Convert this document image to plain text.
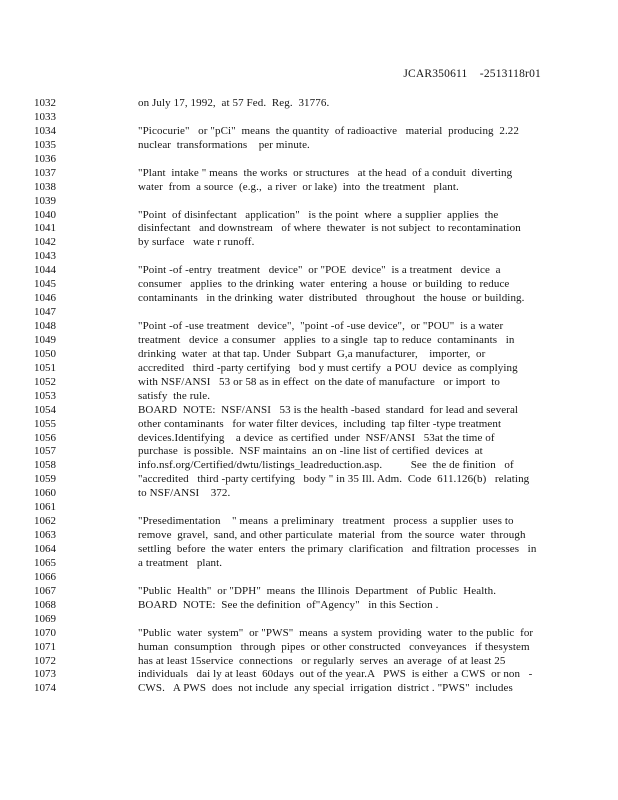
JCAR350611    -2513118r01
1032	on July 17, 1992,  at 57 Fed.  Reg.  31776.
1033
1034	"Picocurie"   or "pCi"  means  the quantity  of radioactive   material  producing  2.22
1035	nuclear  transformations    per minute.
1036
1037	"Plant  intake " means  the works  or structures   at the head  of a conduit  diverting
1038	water  from  a source  (e.g.,  a river  or lake)  into  the treatment   plant.
1039
1040	"Point  of disinfectant   application"   is the point  where  a supplier  applies  the
1041	disinfectant   and downstream   of where  thewater  is not subject  to recontamination
1042	by surface   wate r runoff.
1043
1044	"Point -of -entry  treatment   device"  or "POE  device"  is a treatment   device  a
1045	consumer   applies  to the drinking  water  entering  a house  or building  to reduce
1046	contaminants   in the drinking  water  distributed   throughout   the house  or building.
1047
1048	"Point -of -use treatment   device",  "point -of -use device",  or "POU"  is a water
1049	treatment   device  a consumer   applies  to a single  tap to reduce  contaminants   in
1050	drinking  water  at that tap. Under  Subpart  G,a manufacturer,    importer,  or
1051	accredited   third -party certifying   bod y must certify  a POU  device  as complying
1052	with NSF/ANSI   53 or 58 as in effect  on the date of manufacture   or import  to
1053	satisfy  the rule.
1054	BOARD  NOTE:  NSF/ANSI   53 is the health -based  standard  for lead and several
1055	other contaminants   for water filter devices,  including  tap filter -type treatment
1056	devices.Identifying    a device  as certified  under  NSF/ANSI   53at the time of
1057	purchase  is possible.  NSF maintains  an on -line list of certified  devices  at
1058	info.nsf.org/Certified/dwtu/listings_leadreduction.asp.          See  the de finition   of
1059	"accredited   third -party certifying   body " in 35 Ill. Adm.  Code  611.126(b)   relating
1060	to NSF/ANSI    372.
1061
1062	"Presedimentation    " means  a preliminary   treatment   process  a supplier  uses to
1063	remove  gravel,  sand, and other particulate  material  from  the source  water  through
1064	settling  before  the water  enters  the primary  clarification   and filtration  processes   in
1065	a treatment   plant.
1066
1067	"Public  Health"  or "DPH"  means  the Illinois  Department   of Public  Health.
1068	BOARD  NOTE:  See the definition  of"Agency"   in this Section .
1069
1070	"Public  water  system"  or "PWS"  means  a system  providing  water  to the public  for
1071	human  consumption   through  pipes  or other constructed   conveyances   if thesystem
1072	has at least 15service  connections   or regularly  serves  an average  of at least 25
1073	individuals   dai ly at least  60days  out of the year.A   PWS  is either  a CWS  or non   -
1074	CWS.   A PWS  does  not include  any special  irrigation  district . "PWS"  includes
